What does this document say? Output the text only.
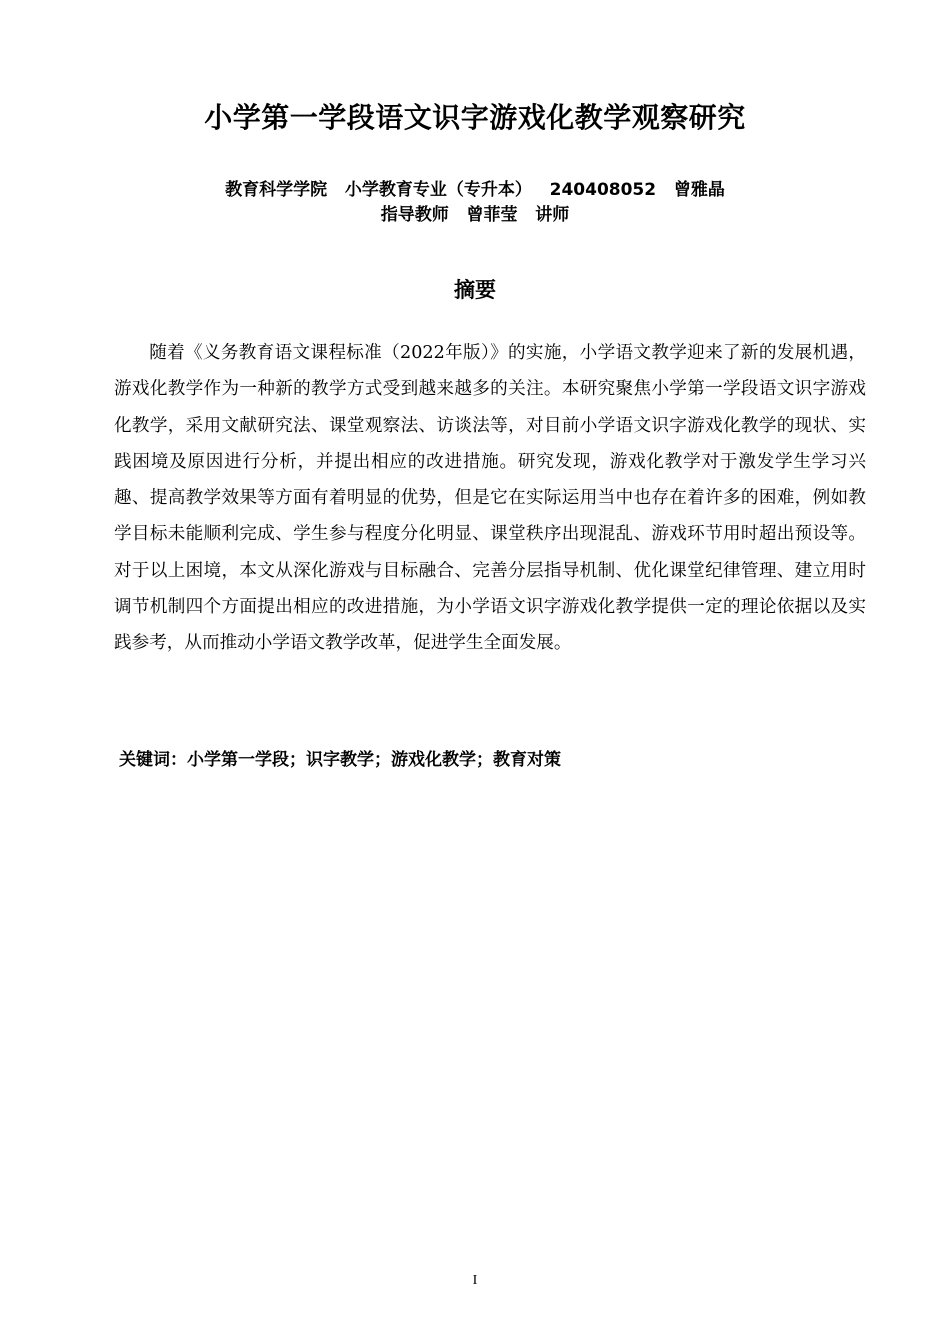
小学第一学段语文识字游戏化教学观察研究
教育科学学院   小学教育专业（专升本）   240408052   曾雅晶
指导教师   曾菲莹   讲师
摘要

随着《义务教育语文课程标准（2022年版）》的实施，小学语文教学迎来了新的发展机遇，游戏化教学作为一种新的教学方式受到越来越多的关注。本研究聚焦小学第一学段语文识字游戏化教学，采用文献研究法、课堂观察法、访谈法等，对目前小学语文识字游戏化教学的现状、实践困境及原因进行分析，并提出相应的改进措施。研究发现，游戏化教学对于激发学生学习兴趣、提高教学效果等方面有着明显的优势，但是它在实际运用当中也存在着许多的困难，例如教学目标未能顺利完成、学生参与程度分化明显、课堂秩序出现混乱、游戏环节用时超出预设等。对于以上困境，本文从深化游戏与目标融合、完善分层指导机制、优化课堂纪律管理、建立用时调节机制四个方面提出相应的改进措施，为小学语文识字游戏化教学提供一定的理论依据以及实践参考，从而推动小学语文教学改革，促进学生全面发展。

关键词：小学第一学段；识字教学；游戏化教学；教育对策
I
